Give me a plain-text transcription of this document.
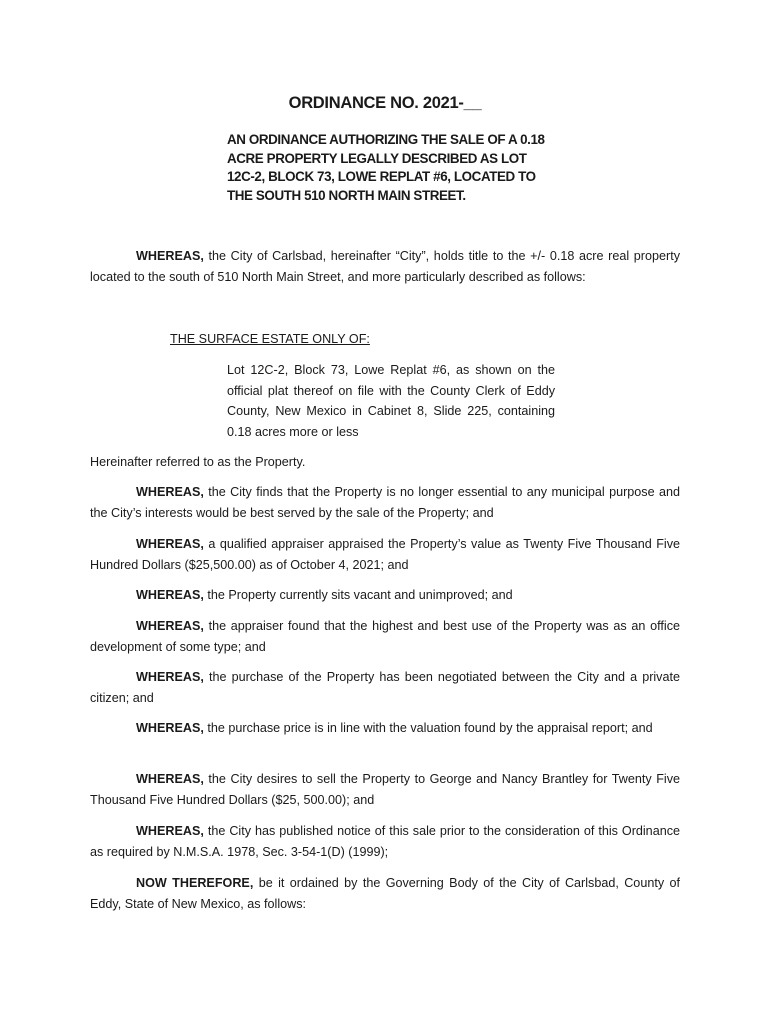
ORDINANCE NO. 2021-__
AN ORDINANCE AUTHORIZING THE SALE OF A 0.18 ACRE PROPERTY LEGALLY DESCRIBED AS LOT 12C-2, BLOCK 73, LOWE REPLAT #6, LOCATED TO THE SOUTH 510 NORTH MAIN STREET.

WHEREAS, the City of Carlsbad, hereinafter “City”, holds title to the +/- 0.18 acre real property located to the south of 510 North Main Street, and more particularly described as follows:

THE SURFACE ESTATE ONLY OF:

Lot 12C-2, Block 73, Lowe Replat #6, as shown on the official plat thereof on file with the County Clerk of Eddy County, New Mexico in Cabinet 8, Slide 225, containing 0.18 acres more or less

Hereinafter referred to as the Property.

WHEREAS, the City finds that the Property is no longer essential to any municipal purpose and the City’s interests would be best served by the sale of the Property; and

WHEREAS, a qualified appraiser appraised the Property’s value as Twenty Five Thousand Five Hundred Dollars ($25,500.00) as of October 4, 2021; and

WHEREAS, the Property currently sits vacant and unimproved; and

WHEREAS, the appraiser found that the highest and best use of the Property was as an office development of some type; and

WHEREAS, the purchase of the Property has been negotiated between the City and a private citizen; and

WHEREAS, the purchase price is in line with the valuation found by the appraisal report; and

WHEREAS, the City desires to sell the Property to George and Nancy Brantley for Twenty Five Thousand Five Hundred Dollars ($25, 500.00); and

WHEREAS, the City has published notice of this sale prior to the consideration of this Ordinance as required by N.M.S.A. 1978, Sec. 3-54-1(D) (1999);

NOW THEREFORE, be it ordained by the Governing Body of the City of Carlsbad, County of Eddy, State of New Mexico, as follows:
